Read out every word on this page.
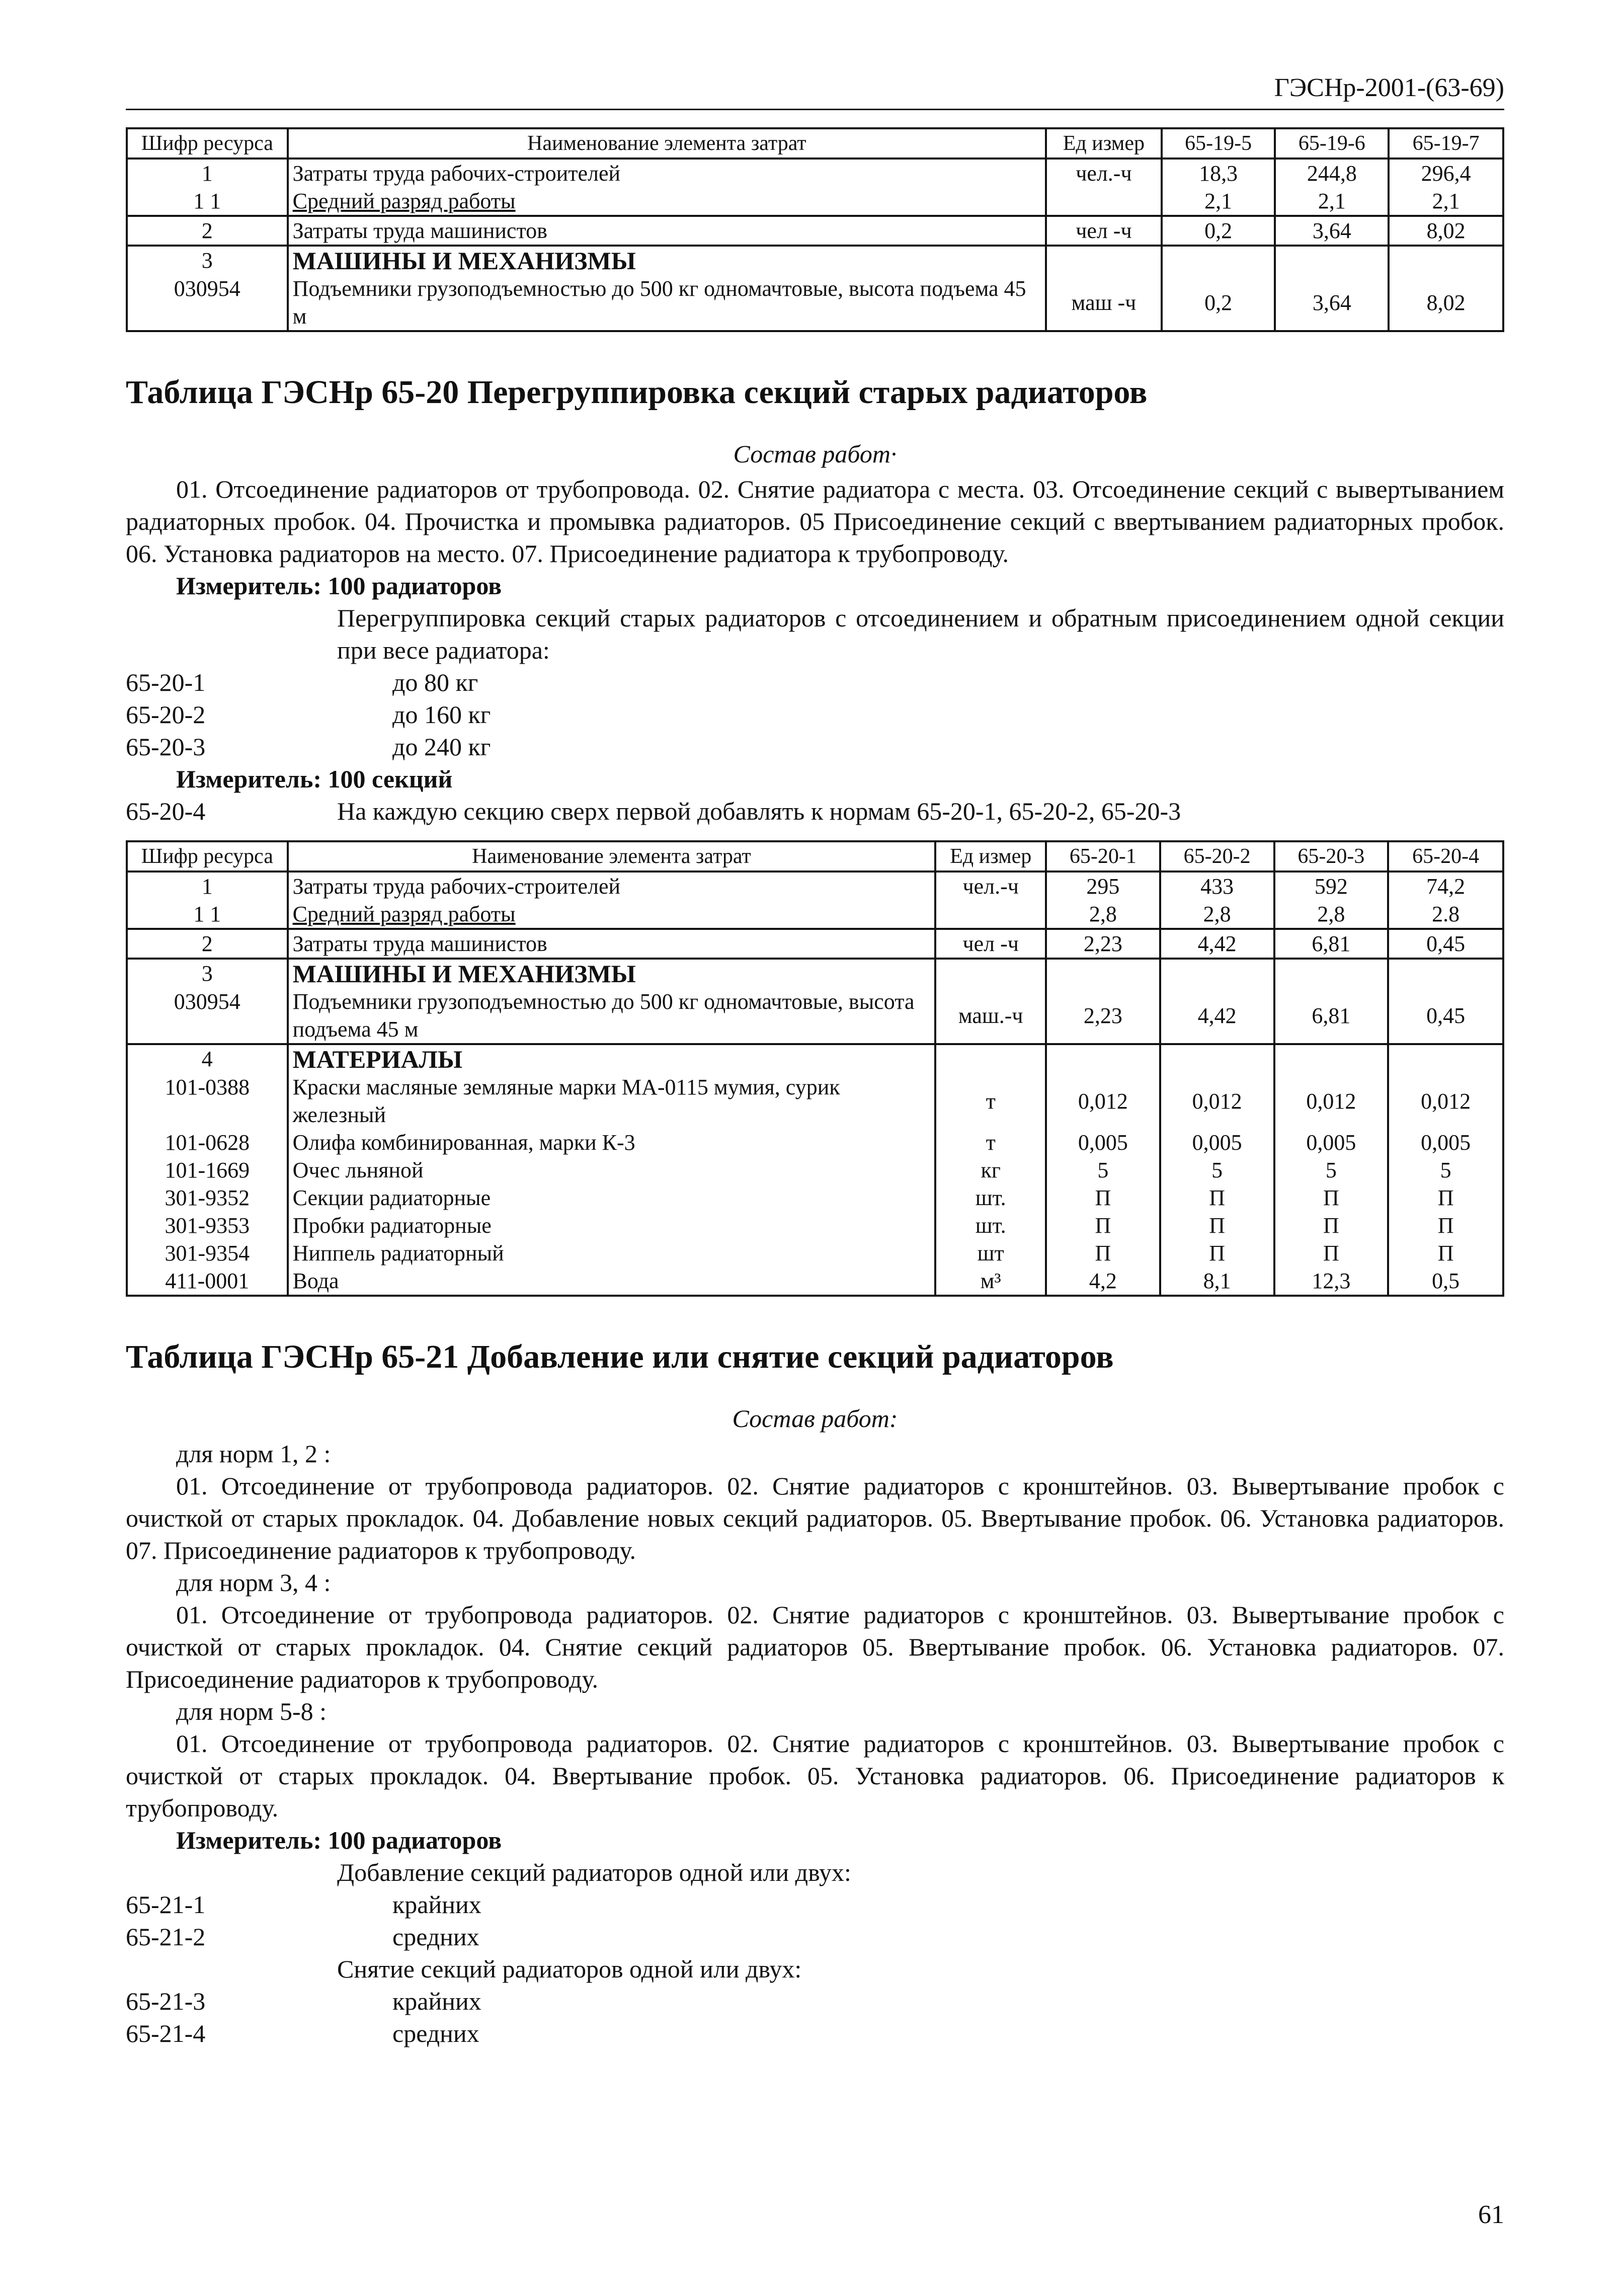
ГЭСНр-2001-(63-69)
Шифр ресурса	Наименование элемента затрат	Ед измер	65-19-5	65-19-6	65-19-7
1	Затраты труда рабочих-строителей	чел.-ч	18,3	244,8	296,4
1 1	Средний разряд работы		2,1	2,1	2,1
2	Затраты труда машинистов	чел -ч	0,2	3,64	8,02
3	МАШИНЫ И МЕХАНИЗМЫ				
030954	Подъемники грузоподъемностью до 500 кг одномачтовые, высота подъема 45 м	маш -ч	0,2	3,64	8,02
Таблица ГЭСНр 65-20 Перегруппировка секций старых радиаторов
Состав работ·

01. Отсоединение радиаторов от трубопровода. 02. Снятие радиатора с места. 03. Отсоединение секций с вывертыванием радиаторных пробок. 04. Прочистка и промывка радиаторов. 05 Присоединение секций с ввертыванием радиаторных пробок. 06. Установка радиаторов на место. 07. Присоединение радиатора к трубопроводу.

Измеритель: 100 радиаторов
Перегруппировка секций старых радиаторов с отсоединением и обратным присоединением одной секции при весе радиатора:
65-20-1	до 80 кг
65-20-2	до 160 кг
65-20-3	до 240 кг
Измеритель: 100 секций
65-20-4	На каждую секцию сверх первой добавлять к нормам 65-20-1, 65-20-2, 65-20-3
Шифр ресурса	Наименование элемента затрат	Ед измер	65-20-1	65-20-2	65-20-3	65-20-4
1	Затраты труда рабочих-строителей	чел.-ч	295	433	592	74,2
1 1	Средний разряд работы		2,8	2,8	2,8	2.8
2	Затраты труда машинистов	чел -ч	2,23	4,42	6,81	0,45
3	МАШИНЫ И МЕХАНИЗМЫ					
030954	Подъемники грузоподъемностью до 500 кг одномачтовые, высота подъема 45 м	маш.-ч	2,23	4,42	6,81	0,45
4	МАТЕРИАЛЫ					
101-0388	Краски масляные земляные марки МА-0115 мумия, сурик железный	т	0,012	0,012	0,012	0,012
101-0628	Олифа комбинированная, марки К-3	т	0,005	0,005	0,005	0,005
101-1669	Очес льняной	кг	5	5	5	5
301-9352	Секции радиаторные	шт.	П	П	П	П
301-9353	Пробки радиаторные	шт.	П	П	П	П
301-9354	Ниппель радиаторный	шт	П	П	П	П
411-0001	Вода	м³	4,2	8,1	12,3	0,5
Таблица ГЭСНр 65-21 Добавление или снятие секций радиаторов
Состав работ:
для норм 1, 2 :

01. Отсоединение от трубопровода радиаторов. 02. Снятие радиаторов с кронштейнов. 03. Вывертывание пробок с очисткой от старых прокладок. 04. Добавление новых секций радиаторов. 05. Ввертывание пробок. 06. Установка радиаторов. 07. Присоединение радиаторов к трубопроводу.

для норм 3, 4 :

01. Отсоединение от трубопровода радиаторов. 02. Снятие радиаторов с кронштейнов. 03. Вывертывание пробок с очисткой от старых прокладок. 04. Снятие секций радиаторов 05. Ввертывание пробок. 06. Установка радиаторов. 07. Присоединение радиаторов к трубопроводу.

для норм 5-8 :

01. Отсоединение от трубопровода радиаторов. 02. Снятие радиаторов с кронштейнов. 03. Вывертывание пробок с очисткой от старых прокладок. 04. Ввертывание пробок. 05. Установка радиаторов. 06. Присоединение радиаторов к трубопроводу.

Измеритель: 100 радиаторов
Добавление секций радиаторов одной или двух:
65-21-1	крайних
65-21-2	средних
Снятие секций радиаторов одной или двух:
65-21-3	крайних
65-21-4	средних
61
